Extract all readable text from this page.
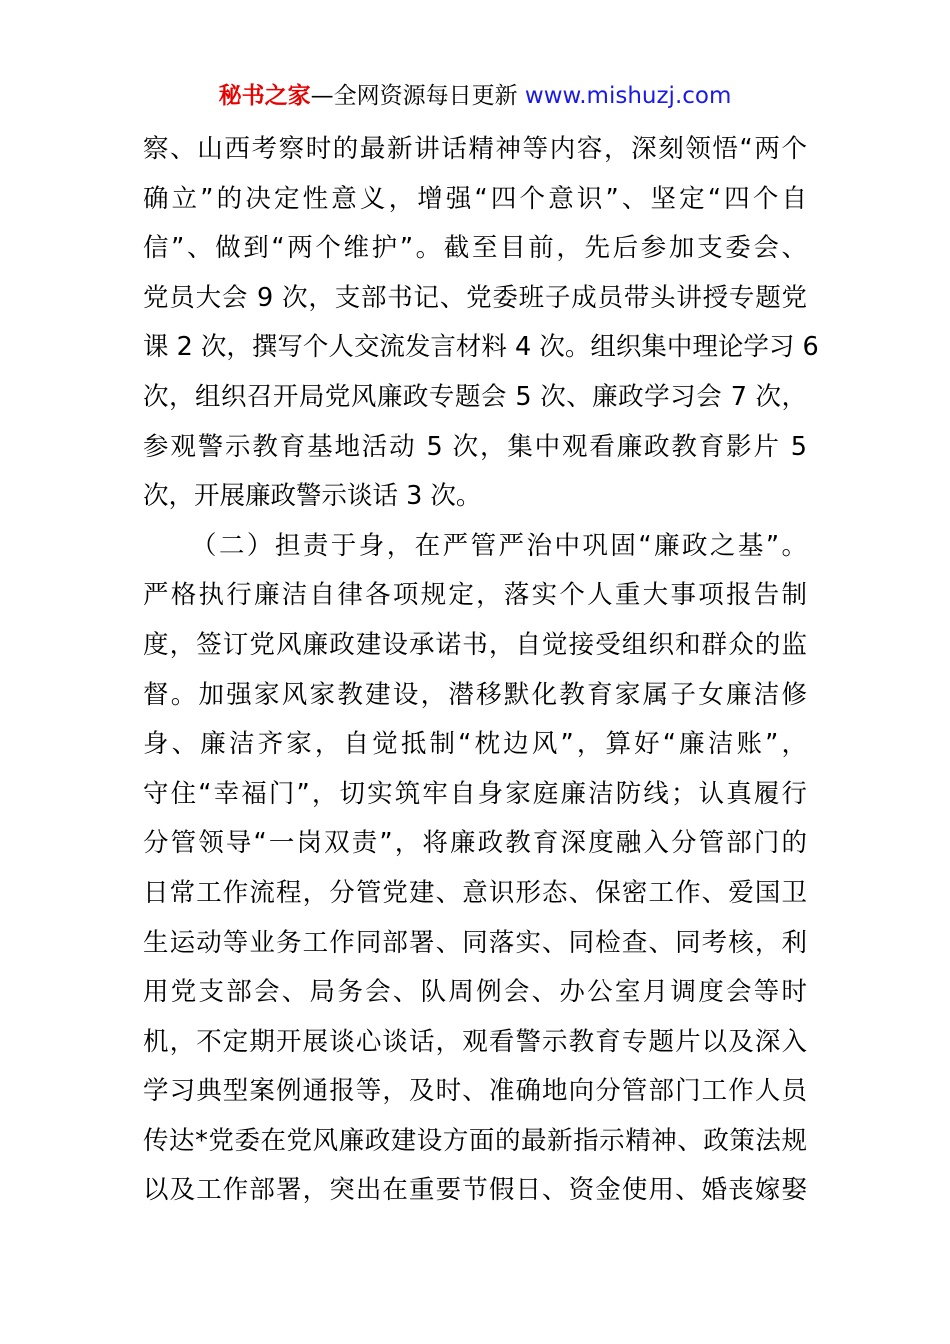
秘书之家—全网资源每日更新 www.mishuzj.com
察、山西考察时的最新讲话精神等内容，深刻领悟“两个
确立”的决定性意义，增强“四个意识”、坚定“四个自
信”、做到“两个维护”。截至目前，先后参加支委会、
党员大会 9 次，支部书记、党委班子成员带头讲授专题党
课 2 次，撰写个人交流发言材料 4 次。组织集中理论学习 6
次，组织召开局党风廉政专题会 5 次、廉政学习会 7 次，
参观警示教育基地活动 5 次，集中观看廉政教育影片 5
次，开展廉政警示谈话 3 次。
（二）担责于身，在严管严治中巩固“廉政之基”。
严格执行廉洁自律各项规定，落实个人重大事项报告制
度，签订党风廉政建设承诺书，自觉接受组织和群众的监
督。加强家风家教建设，潜移默化教育家属子女廉洁修
身、廉洁齐家，自觉抵制“枕边风”，算好“廉洁账”，
守住“幸福门”，切实筑牢自身家庭廉洁防线；认真履行
分管领导“一岗双责”，将廉政教育深度融入分管部门的
日常工作流程，分管党建、意识形态、保密工作、爱国卫
生运动等业务工作同部署、同落实、同检查、同考核，利
用党支部会、局务会、队周例会、办公室月调度会等时
机，不定期开展谈心谈话，观看警示教育专题片以及深入
学习典型案例通报等，及时、准确地向分管部门工作人员
传达*党委在党风廉政建设方面的最新指示精神、政策法规
以及工作部署，突出在重要节假日、资金使用、婚丧嫁娶
